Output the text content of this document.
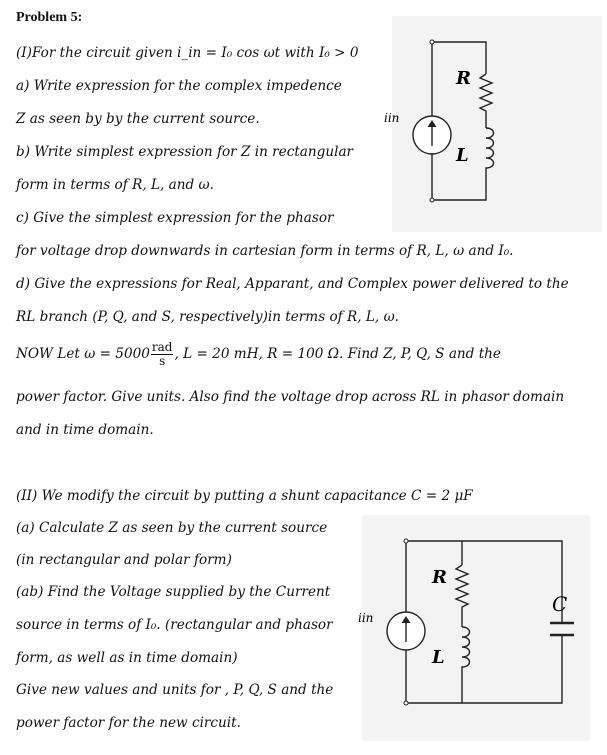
Problem 5:
(I)For the circuit given i_in = I₀ cos ωt with I₀ > 0
a) Write expression for the complex impedence
Z as seen by by the current source.
b) Write simplest expression for Z in rectangular
form in terms of R, L, and ω.
c) Give the simplest expression for the phasor
for voltage drop downwards in cartesian form in terms of R, L, ω and I₀.
d) Give the expressions for Real, Apparant, and Complex power delivered to the
RL branch (P, Q, and S, respectively)in terms of R, L, ω.
NOW Let $\omega = 5000 \frac{\text{rad}}{s}$ , L = 20 mH, R = 100 Ω. Find Z, P, Q, S and the
power factor. Give units. Also find the voltage drop across RL in phasor domain
and in time domain.
(II) We modify the circuit by putting a shunt capacitance C = 2 μF
(a) Calculate Z as seen by the current source
(in rectangular and polar form)
(ab) Find the Voltage supplied by the Current
source in terms of I₀. (rectangular and phasor
form, as well as in time domain)
Give new values and units for , P, Q, S and the
power factor for the new circuit.
iin
R
L
iin
R
L
C
